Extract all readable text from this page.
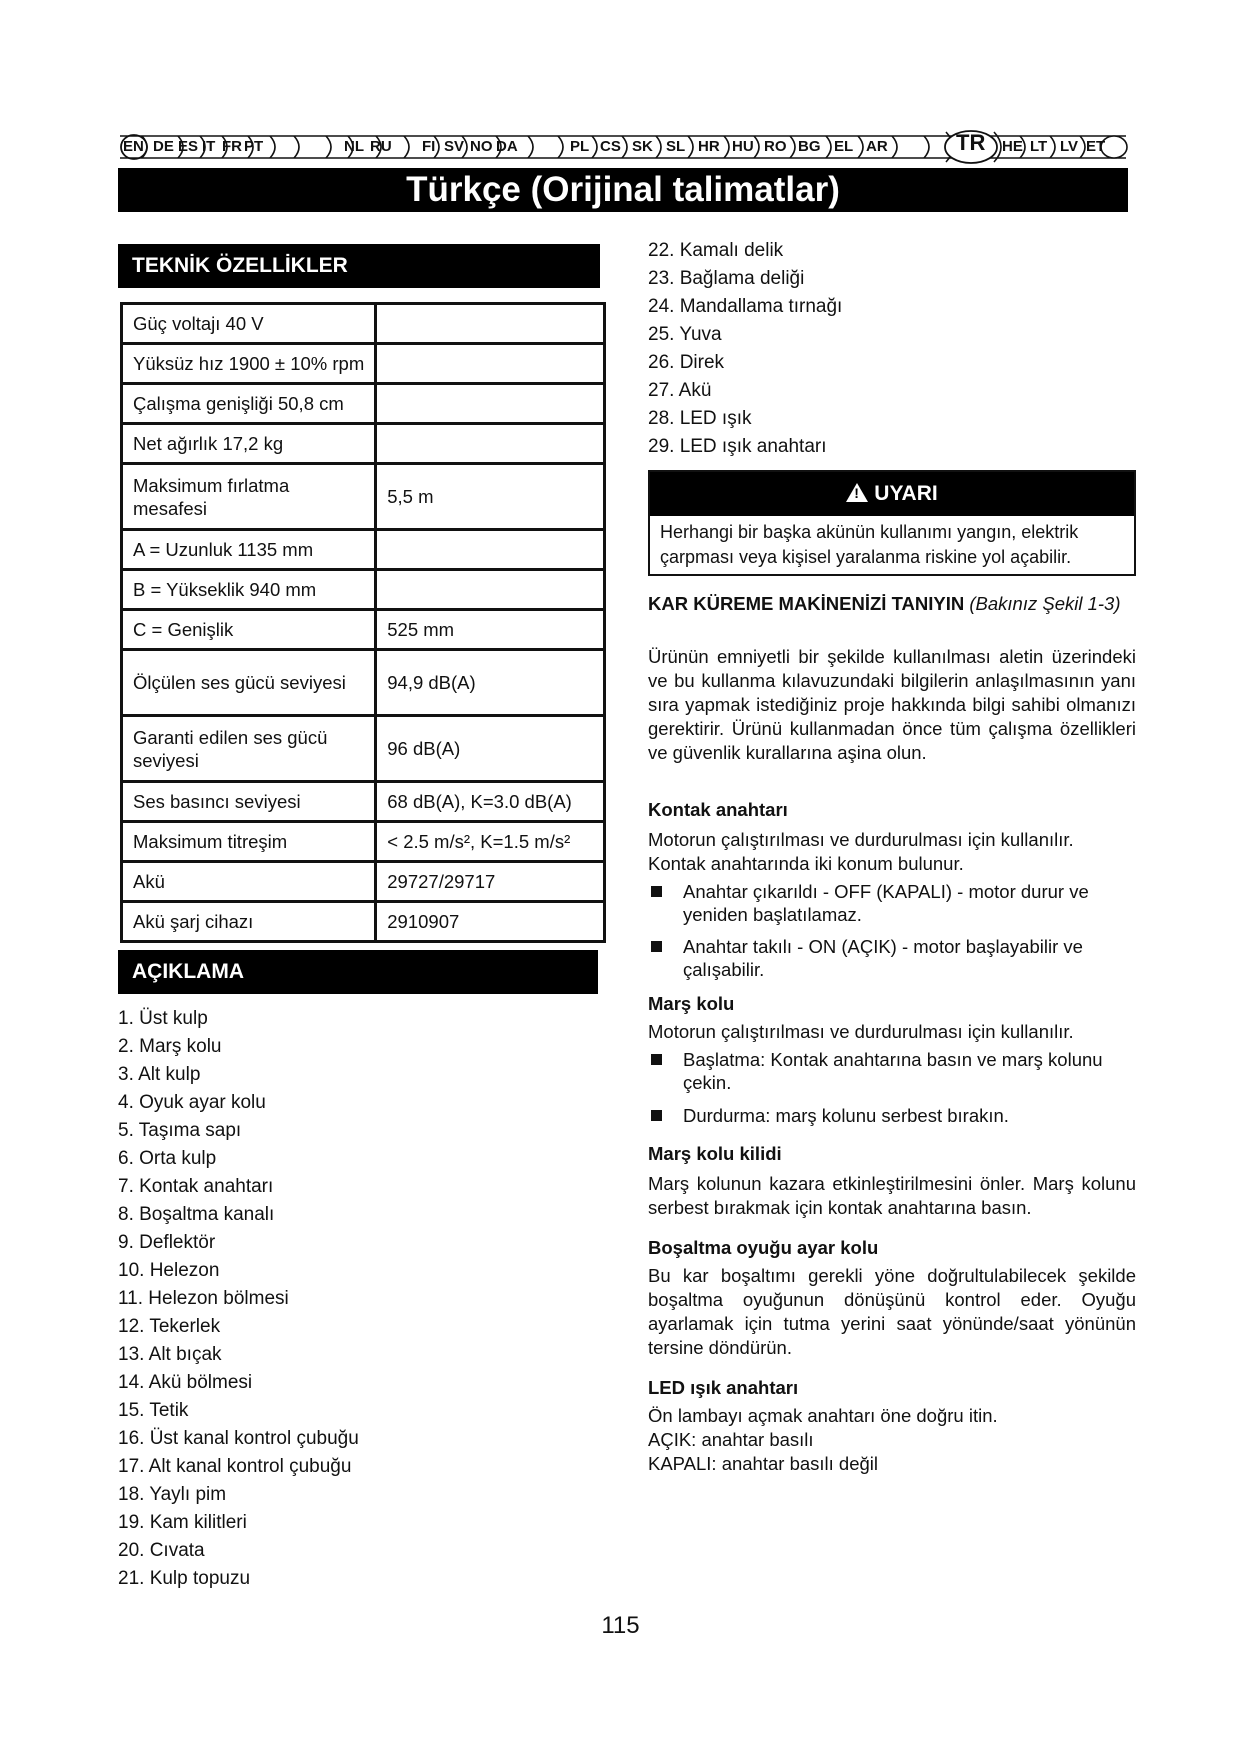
EN DE ES IT FR PT	NL RU FI SV NO DA	PL CS SK SL HR HU RO BG EL AR	TR HE LT LV ET
Türkçe (Orijinal talimatlar)
TEKNİK ÖZELLİKLER
Güç voltajı 40 V	
Yüksüz hız 1900 ± 10% rpm	
Çalışma genişliği 50,8 cm	
Net ağırlık 17,2 kg	
Maksimum fırlatma mesafesi	5,5 m
A = Uzunluk 1135 mm	
B = Yükseklik 940 mm	
C = Genişlik	525 mm
Ölçülen ses gücü seviyesi	94,9 dB(A)
Garanti edilen ses gücü seviyesi	96 dB(A)
Ses basıncı seviyesi	68 dB(A), K=3.0 dB(A)
Maksimum titreşim	< 2.5 m/s², K=1.5 m/s²
Akü	29727/29717
Akü şarj cihazı	2910907
AÇIKLAMA
1. Üst kulp
2. Marş kolu
3. Alt kulp
4. Oyuk ayar kolu
5. Taşıma sapı
6. Orta kulp
7. Kontak anahtarı
8. Boşaltma kanalı
9. Deflektör
10. Helezon
11. Helezon bölmesi
12. Tekerlek
13. Alt bıçak
14. Akü bölmesi
15. Tetik
16. Üst kanal kontrol çubuğu
17. Alt kanal kontrol çubuğu
18. Yaylı pim
19. Kam kilitleri
20. Cıvata
21. Kulp topuzu
22. Kamalı delik
23. Bağlama deliği
24. Mandallama tırnağı
25. Yuva
26. Direk
27. Akü
28. LED ışık
29. LED ışık anahtarı
!UYARI
Herhangi bir başka akünün kullanımı yangın, elektrik çarpması veya kişisel yaralanma riskine yol açabilir.
KAR KÜREME MAKİNENİZİ TANIYIN (Bakınız Şekil 1-3)
Ürünün emniyetli bir şekilde kullanılması aletin üzerindeki ve bu kullanma kılavuzundaki bilgilerin anlaşılmasının yanı sıra yapmak istediğiniz proje hakkında bilgi sahibi olmanızı gerektirir. Ürünü kullanmadan önce tüm çalışma özellikleri ve güvenlik kurallarına aşina olun.
Kontak anahtarı
Motorun çalıştırılması ve durdurulması için kullanılır. Kontak anahtarında iki konum bulunur.
Anahtar çıkarıldı - OFF (KAPALI) - motor durur ve yeniden başlatılamaz.
Anahtar takılı - ON (AÇIK) - motor başlayabilir ve çalışabilir.
Marş kolu
Motorun çalıştırılması ve durdurulması için kullanılır.
Başlatma: Kontak anahtarına basın ve marş kolunu çekin.
Durdurma: marş kolunu serbest bırakın.
Marş kolu kilidi
Marş kolunun kazara etkinleştirilmesini önler. Marş kolunu serbest bırakmak için kontak anahtarına basın.
Boşaltma oyuğu ayar kolu
Bu kar boşaltımı gerekli yöne doğrultulabilecek şekilde boşaltma oyuğunun dönüşünü kontrol eder. Oyuğu ayarlamak için tutma yerini saat yönünde/saat yönünün tersine döndürün.
LED ışık anahtarı
Ön lambayı açmak anahtarı öne doğru itin.
AÇIK: anahtar basılı
KAPALI: anahtar basılı değil
115
